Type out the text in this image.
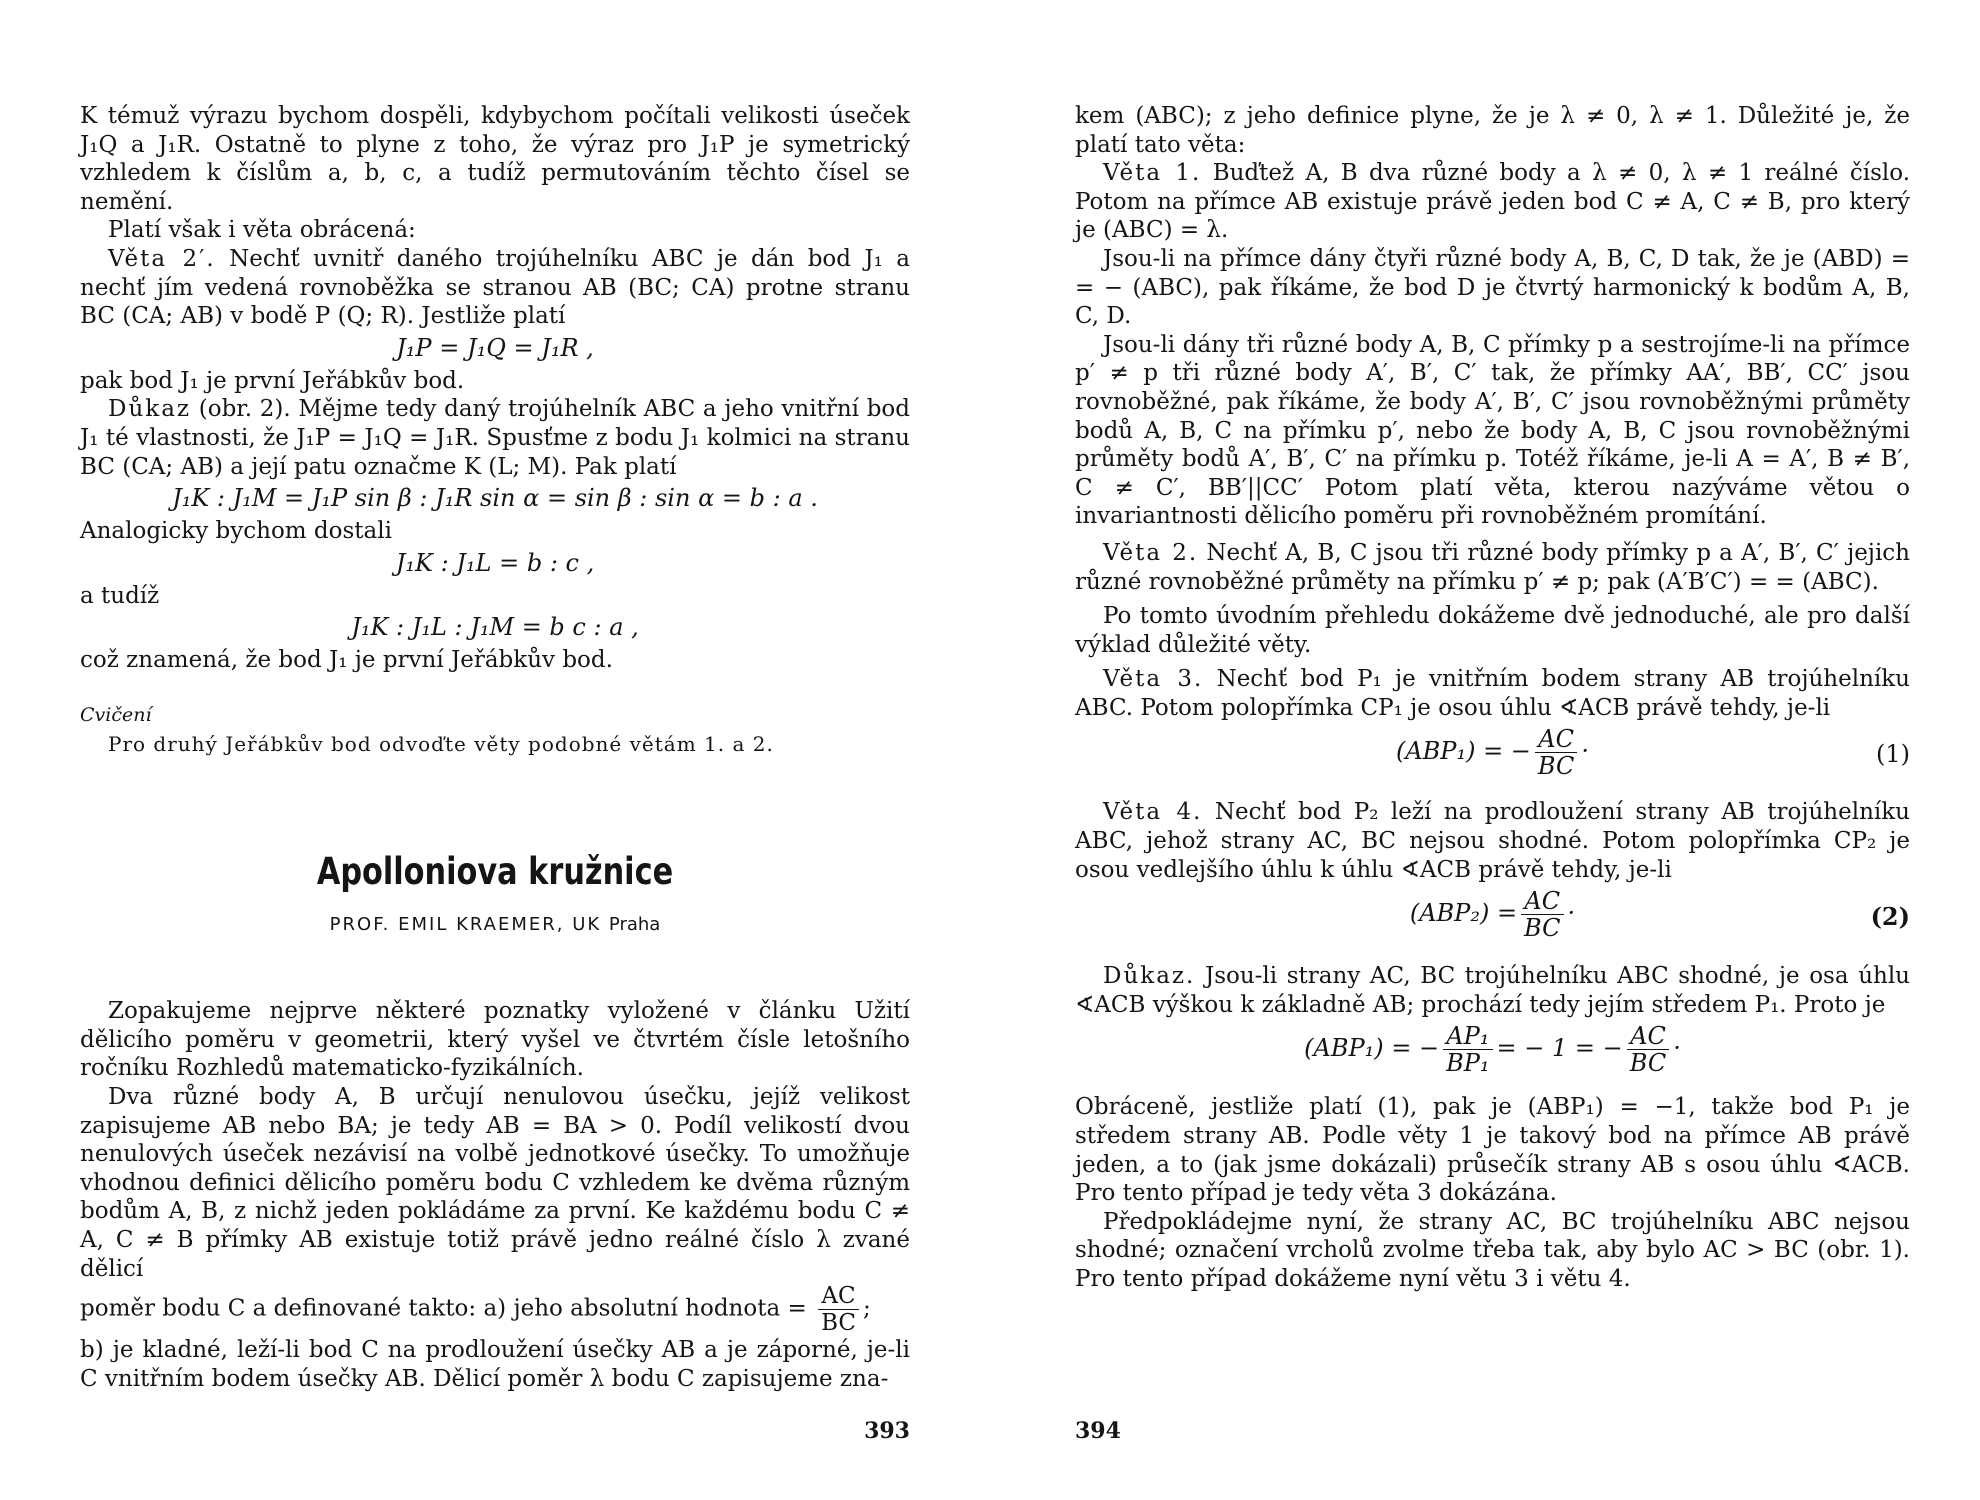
K témuž výrazu bychom dospěli, kdybychom počítali velikosti úseček J₁Q a J₁R. Ostatně to plyne z toho, že výraz pro J₁P je symetrický vzhledem k číslům a, b, c, a tudíž permutováním těchto čísel se nemění.

Platí však i věta obrácená:

Věta 2′. Nechť uvnitř daného trojúhelníku ABC je dán bod J₁ a nechť jím vedená rovnoběžka se stranou AB (BC; CA) protne stranu BC (CA; AB) v bodě P (Q; R). Jestliže platí

J₁P = J₁Q = J₁R ,

pak bod J₁ je první Jeřábkův bod.

Důkaz (obr. 2). Mějme tedy daný trojúhelník ABC a jeho vnitřní bod J₁ té vlastnosti, že J₁P = J₁Q = J₁R. Spusťme z bodu J₁ kolmici na stranu BC (CA; AB) a její patu označme K (L; M). Pak platí

J₁K : J₁M = J₁P sin β : J₁R sin α = sin β : sin α = b : a .

Analogicky bychom dostali

J₁K : J₁L = b : c ,

a tudíž

J₁K : J₁L : J₁M = b c : a ,

což znamená, že bod J₁ je první Jeřábkův bod.

Cvičení

Pro druhý Jeřábkův bod odvoďte věty podobné větám 1. a 2.

Apolloniova kružnice

PROF. EMIL KRAEMER, UK Praha

Zopakujeme nejprve některé poznatky vyložené v článku Užití dělicího poměru v geometrii, který vyšel ve čtvrtém čísle letošního ročníku Rozhledů matematicko-fyzikálních.

Dva různé body A, B určují nenulovou úsečku, jejíž velikost zapisujeme AB nebo BA; je tedy AB = BA > 0. Podíl velikostí dvou nenulových úseček nezávisí na volbě jednotkové úsečky. To umožňuje vhodnou definici dělicího poměru bodu C vzhledem ke dvěma různým bodům A, B, z nichž jeden pokládáme za první. Ke každému bodu C ≠ A, C ≠ B přímky AB existuje totiž právě jedno reálné číslo λ zvané dělicí

poměr bodu C a definované takto: a) jeho absolutní hodnota = $\frac{AC}{BC}$ ;

b) je kladné, leží-li bod C na prodloužení úsečky AB a je záporné, je-li C vnitřním bodem úsečky AB. Dělicí poměr λ bodu C zapisujeme zna-

393

kem (ABC); z jeho definice plyne, že je λ ≠ 0, λ ≠ 1. Důležité je, že platí tato věta:

Věta 1. Buďtež A, B dva různé body a λ ≠ 0, λ ≠ 1 reálné číslo. Potom na přímce AB existuje právě jeden bod C ≠ A, C ≠ B, pro který je (ABC) = λ.

Jsou-li na přímce dány čtyři různé body A, B, C, D tak, že je (ABD) = = − (ABC), pak říkáme, že bod D je čtvrtý harmonický k bodům A, B, C, D.

Jsou-li dány tři různé body A, B, C přímky p a sestrojíme-li na přímce p′ ≠ p tři různé body A′, B′, C′ tak, že přímky AA′, BB′, CC′ jsou rovnoběžné, pak říkáme, že body A′, B′, C′ jsou rovnoběžnými průměty bodů A, B, C na přímku p′, nebo že body A, B, C jsou rovnoběžnými průměty bodů A′, B′, C′ na přímku p. Totéž říkáme, je-li A = A′, B ≠ B′, C ≠ C′, BB′||CC′ Potom platí věta, kterou nazýváme větou o invariantnosti dělicího poměru při rovnoběžném promítání.

Věta 2. Nechť A, B, C jsou tři různé body přímky p a A′, B′, C′ jejich různé rovnoběžné průměty na přímku p′ ≠ p; pak (A′B′C′) = = (ABC).

Po tomto úvodním přehledu dokážeme dvě jednoduché, ale pro další výklad důležité věty.

Věta 3. Nechť bod P₁ je vnitřním bodem strany AB trojúhelníku ABC. Potom polopřímka CP₁ je osou úhlu ∢ACB právě tehdy, je-li

(ABP₁) = − $\frac{AC}{BC}$ ·	(1)

Věta 4. Nechť bod P₂ leží na prodloužení strany AB trojúhelníku ABC, jehož strany AC, BC nejsou shodné. Potom polopřímka CP₂ je osou vedlejšího úhlu k úhlu ∢ACB právě tehdy, je-li

$(ABP_2) = \frac{AC}{BC}$ ·	(2)

Důkaz. Jsou-li strany AC, BC trojúhelníku ABC shodné, je osa úhlu ∢ACB výškou k základně AB; prochází tedy jejím středem P₁. Proto je

(ABP₁) = − $\frac{\text{AP₁}}{\text{BP₁}}$ = − 1 = − $\frac{AC}{BC}$ ·

Obráceně, jestliže platí (1), pak je (ABP₁) = −1, takže bod P₁ je středem strany AB. Podle věty 1 je takový bod na přímce AB právě jeden, a to (jak jsme dokázali) průsečík strany AB s osou úhlu ∢ACB. Pro tento případ je tedy věta 3 dokázána.

Předpokládejme nyní, že strany AC, BC trojúhelníku ABC nejsou shodné; označení vrcholů zvolme třeba tak, aby bylo AC > BC (obr. 1). Pro tento případ dokážeme nyní větu 3 i větu 4.

394
